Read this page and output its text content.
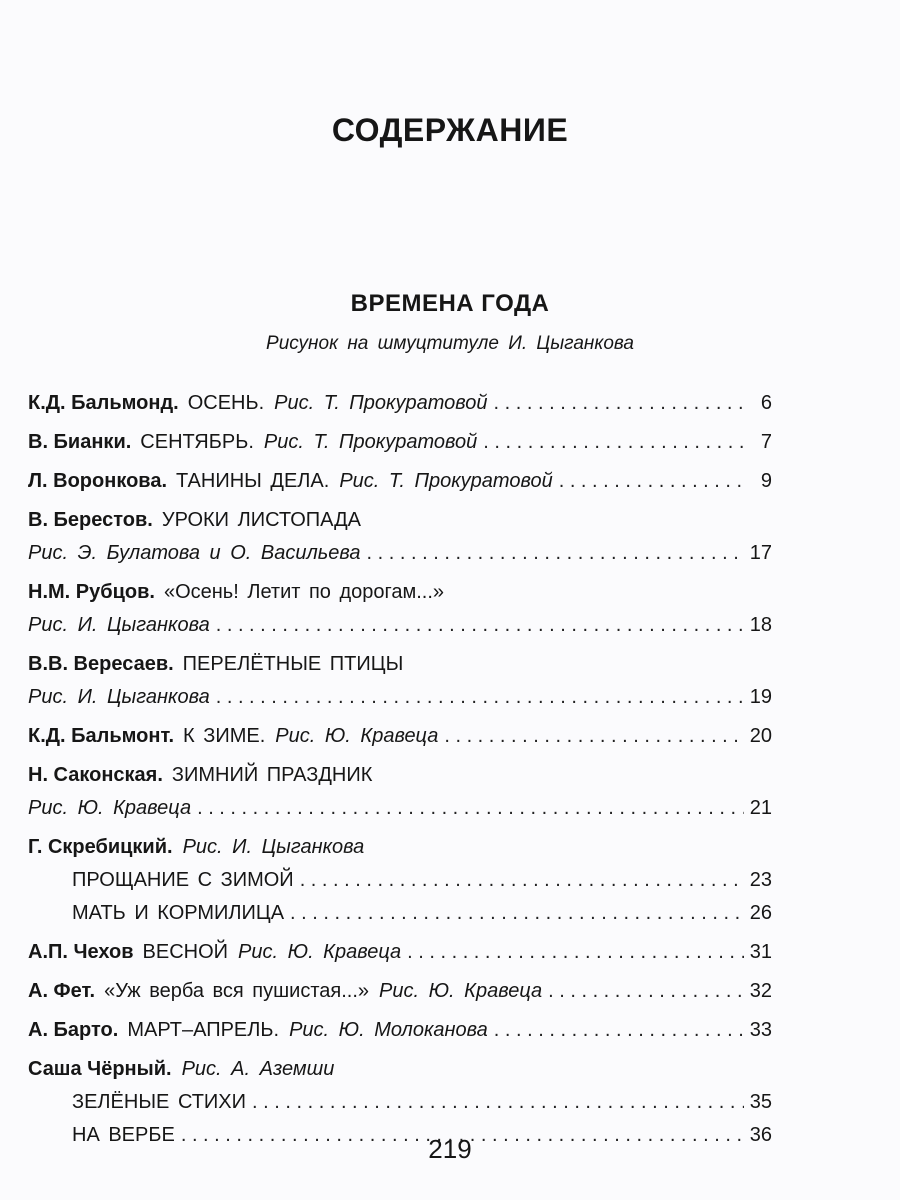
СОДЕРЖАНИЕ
ВРЕМЕНА ГОДА
Рисунок на шмуцтитуле И. Цыганкова
К.Д. Бальмонд. ОСЕНЬ. Рис. Т. Прокуратовой . . .	6
В. Бианки. СЕНТЯБРЬ. Рис. Т. Прокуратовой . . .	7
Л. Воронкова. ТАНИНЫ ДЕЛА. Рис. Т. Прокуратовой . . .	9
В. Берестов. УРОКИ ЛИСТОПАДА
Рис. Э. Булатова и О. Васильева . . .	17
Н.М. Рубцов. «Осень! Летит по дорогам...»
Рис. И. Цыганкова . . .	18
В.В. Вересаев. ПЕРЕЛЁТНЫЕ ПТИЦЫ
Рис. И. Цыганкова . . .	19
К.Д. Бальмонт. К ЗИМЕ. Рис. Ю. Кравеца . . .	20
Н. Саконская. ЗИМНИЙ ПРАЗДНИК
Рис. Ю. Кравеца . . .	21
Г. Скребицкий. Рис. И. Цыганкова
ПРОЩАНИЕ С ЗИМОЙ . . .	23
МАТЬ И КОРМИЛИЦА . . .	26
А.П. Чехов ВЕСНОЙ Рис. Ю. Кравеца . . .	31
А. Фет. «Уж верба вся пушистая...» Рис. Ю. Кравеца . . .	32
А. Барто. МАРТ–АПРЕЛЬ. Рис. Ю. Молоканова . . .	33
Саша Чёрный. Рис. А. Аземши
ЗЕЛЁНЫЕ СТИХИ . . .	35
НА ВЕРБЕ . . .	36
219
